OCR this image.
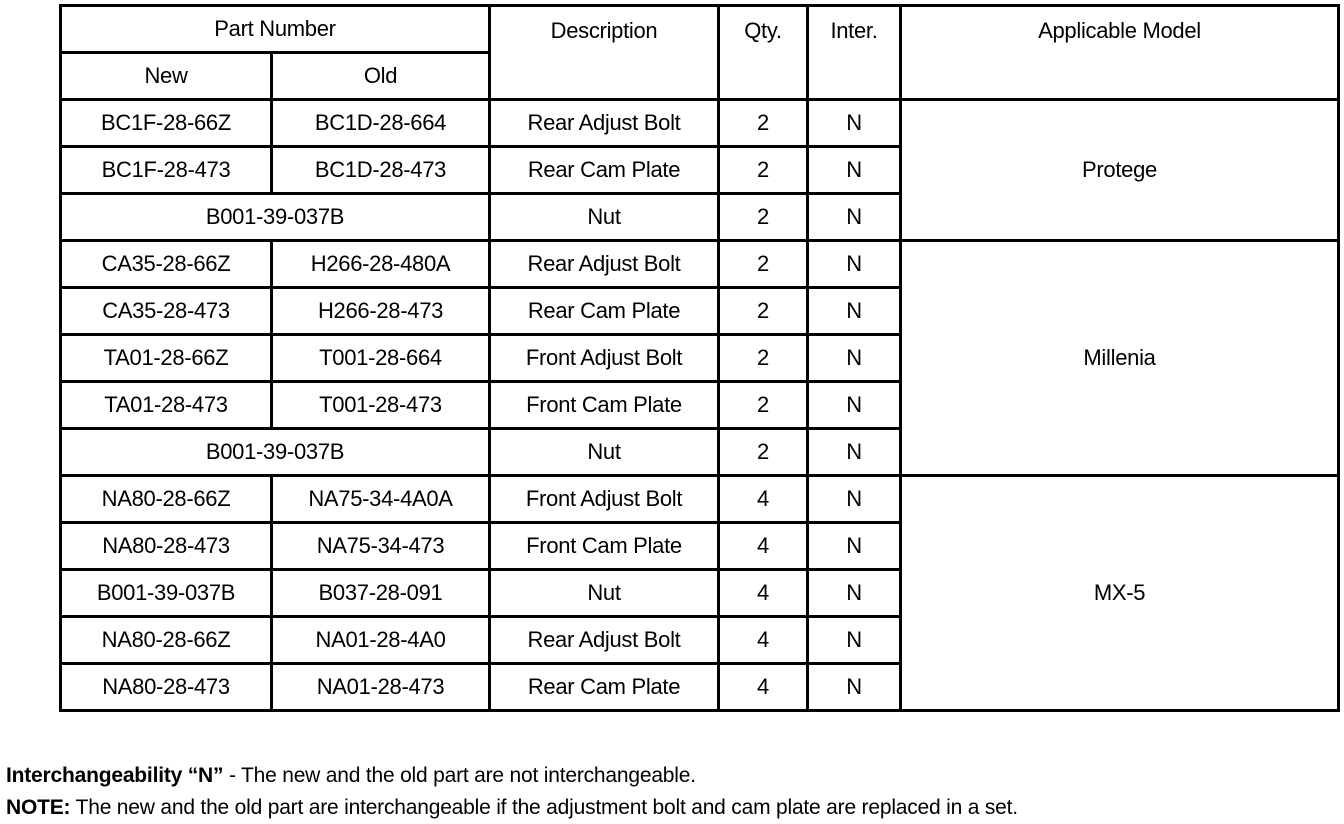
Part Number		Description	Qty.	Inter.	Applicable Model
New	Old				
BC1F-28-66Z	BC1D-28-664	Rear Adjust Bolt	2	N	Protege
BC1F-28-473	BC1D-28-473	Rear Cam Plate	2	N	
B001-39-037B		Nut	2	N	
CA35-28-66Z	H266-28-480A	Rear Adjust Bolt	2	N	Millenia
CA35-28-473	H266-28-473	Rear Cam Plate	2	N	
TA01-28-66Z	T001-28-664	Front Adjust Bolt	2	N	
TA01-28-473	T001-28-473	Front Cam Plate	2	N	
B001-39-037B		Nut	2	N	
NA80-28-66Z	NA75-34-4A0A	Front Adjust Bolt	4	N	MX-5
NA80-28-473	NA75-34-473	Front Cam Plate	4	N	
B001-39-037B	B037-28-091	Nut	4	N	
NA80-28-66Z	NA01-28-4A0	Rear Adjust Bolt	4	N	
NA80-28-473	NA01-28-473	Rear Cam Plate	4	N	
Interchangeability “N” - The new and the old part are not interchangeable.
NOTE: The new and the old part are interchangeable if the adjustment bolt and cam plate are replaced in a set.
